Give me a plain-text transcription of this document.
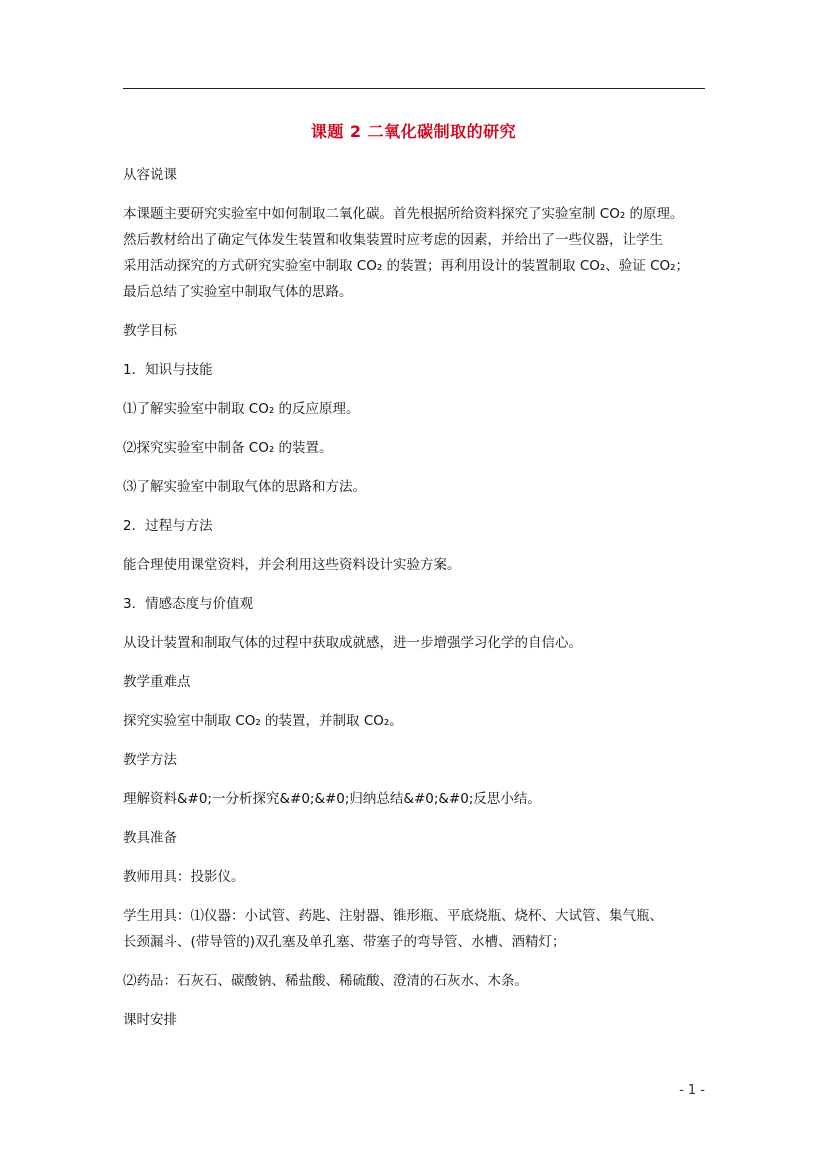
课题 2 二氧化碳制取的研究

从容说课

本课题主要研究实验室中如何制取二氧化碳。首先根据所给资料探究了实验室制 CO₂ 的原理。
然后教材给出了确定气体发生装置和收集装置时应考虑的因素，并给出了一些仪器，让学生
采用活动探究的方式研究实验室中制取 CO₂ 的装置；再利用设计的装置制取 CO₂、验证 CO₂；
最后总结了实验室中制取气体的思路。

教学目标

1．知识与技能

⑴了解实验室中制取 CO₂ 的反应原理。

⑵探究实验室中制备 CO₂ 的装置。

⑶了解实验室中制取气体的思路和方法。

2．过程与方法

能合理使用课堂资料，并会利用这些资料设计实验方案。

3．情感态度与价值观

从设计装置和制取气体的过程中获取成就感，进一步增强学习化学的自信心。

教学重难点

探究实验室中制取 CO₂ 的装置，并制取 CO₂。

教学方法

理解资料&#0;一分析探究&#0;&#0;归纳总结&#0;&#0;反思小结。

教具准备

教师用具：投影仪。

学生用具：⑴仪器：小试管、药匙、注射器、锥形瓶、平底烧瓶、烧杯、大试管、集气瓶、
长颈漏斗、(带导管的)双孔塞及单孔塞、带塞子的弯导管、水槽、酒精灯；

⑵药品：石灰石、碳酸钠、稀盐酸、稀硫酸、澄清的石灰水、木条。

课时安排

- 1 -
